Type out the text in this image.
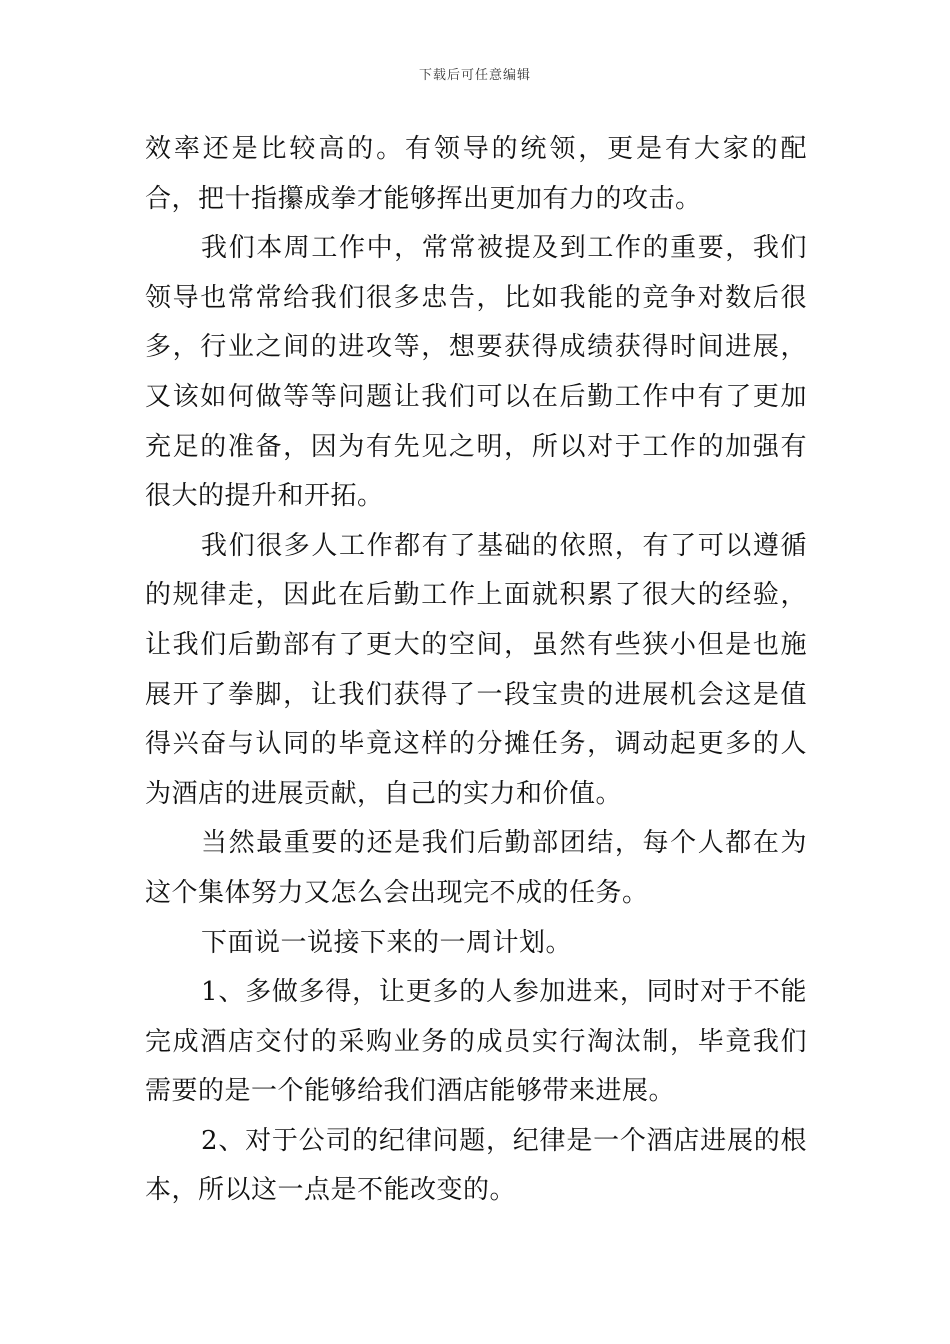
下载后可任意编辑

效率还是比较高的。有领导的统领，更是有大家的配合，把十指攥成拳才能够挥出更加有力的攻击。

我们本周工作中，常常被提及到工作的重要，我们领导也常常给我们很多忠告，比如我能的竞争对数后很多，行业之间的进攻等，想要获得成绩获得时间进展，又该如何做等等问题让我们可以在后勤工作中有了更加充足的准备，因为有先见之明，所以对于工作的加强有很大的提升和开拓。

我们很多人工作都有了基础的依照，有了可以遵循的规律走，因此在后勤工作上面就积累了很大的经验，让我们后勤部有了更大的空间，虽然有些狭小但是也施展开了拳脚，让我们获得了一段宝贵的进展机会这是值得兴奋与认同的毕竟这样的分摊任务，调动起更多的人为酒店的进展贡献，自己的实力和价值。

当然最重要的还是我们后勤部团结，每个人都在为这个集体努力又怎么会出现完不成的任务。

下面说一说接下来的一周计划。

1、多做多得，让更多的人参加进来，同时对于不能完成酒店交付的采购业务的成员实行淘汰制，毕竟我们需要的是一个能够给我们酒店能够带来进展。

2、对于公司的纪律问题，纪律是一个酒店进展的根本，所以这一点是不能改变的。
